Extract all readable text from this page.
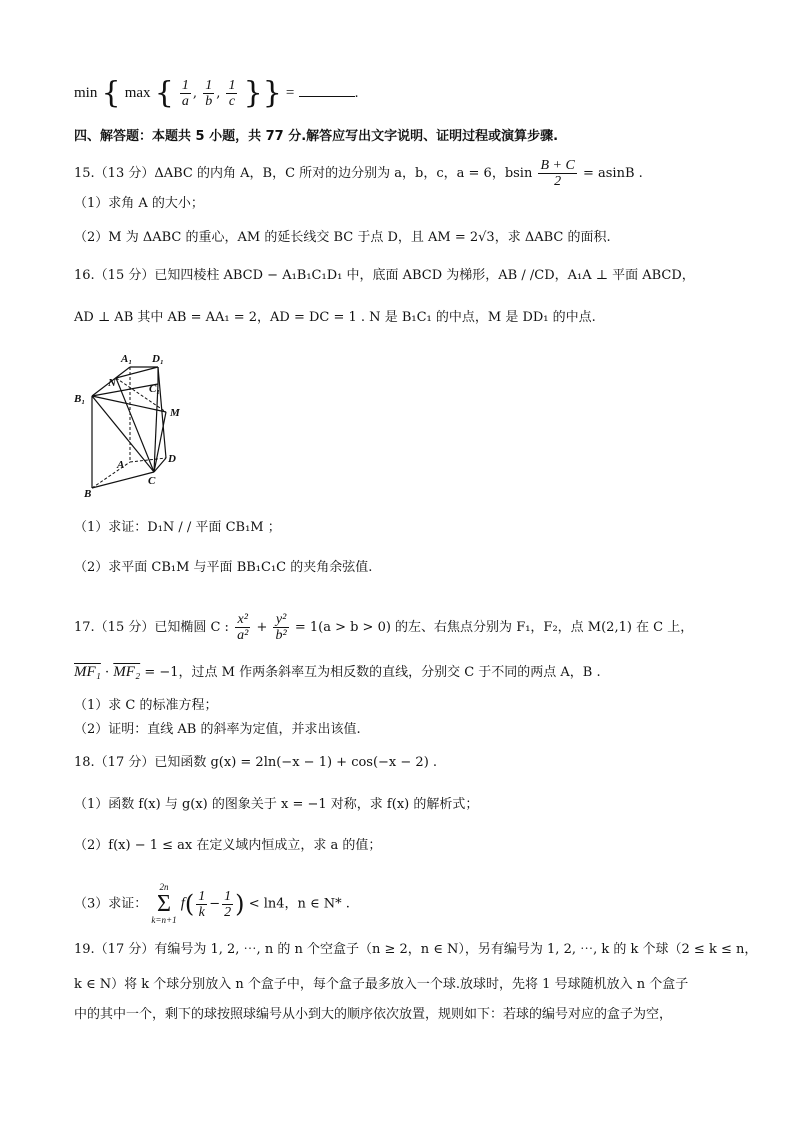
min { max { $\frac{1}{a}$ , $\frac{1}{b}$ , $\frac{1}{c}$ }} =	.
四、解答题：本题共 5 小题，共 77 分.解答应写出文字说明、证明过程或演算步骤.
15.（13 分）ΔABC 的内角 A，B，C 所对的边分别为 a，b，c，a = 6，bsin $\frac{B + C}{2} = asinB$ .
（1）求角 A 的大小；
（2）M 为 ΔABC 的重心，AM 的延长线交 BC 于点 D，且 AM = 2√3，求 ΔABC 的面积.
16.（15 分）已知四棱柱 ABCD − A₁B₁C₁D₁ 中，底面 ABCD 为梯形，AB / /CD，A₁A ⊥ 平面 ABCD，
AD ⊥ AB 其中 AB = AA₁ = 2，AD = DC = 1 . N 是 B₁C₁ 的中点，M 是 DD₁ 的中点.
A₁ D₁
N	C₁
B₁
M
A	D
B
C
（1）求证：D₁N / / 平面 CB₁M ；
（2）求平面 CB₁M 与平面 BB₁C₁C 的夹角余弦值.
17.（15 分）已知椭圆 C : $\frac{\text{x²}}{\text{a²}} + \frac{\text{y²}}{\text{b²}} = 1(a > b > 0)$ 的左、右焦点分别为 F₁，F₂，点 M(2,1) 在 C 上，
MF₁ · MF₂ = −1，过点 M 作两条斜率互为相反数的直线，分别交 C 于不同的两点 A，B .
（1）求 C 的标准方程；
（2）证明：直线 AB 的斜率为定值，并求出该值.
18.（17 分）已知函数 g(x) = 2ln(−x − 1) + cos(−x − 2) .
（1）函数 f(x) 与 g(x) 的图象关于 x = −1 对称，求 f(x) 的解析式；
（2）f(x) − 1 ≤ ax 在定义域内恒成立，求 a 的值；
（3）求证：
2n
Σ
k=n+1
$f( \frac{1}{k} - \frac{1}{2}$ ) < ln4，n ∈ N* .
19.（17 分）有编号为 1, 2, ⋯, n 的 n 个空盒子（n ≥ 2，n ∈ N），另有编号为 1, 2, ⋯, k 的 k 个球（2 ≤ k ≤ n，
k ∈ N）将 k 个球分别放入 n 个盒子中，每个盒子最多放入一个球.放球时，先将 1 号球随机放入 n 个盒子
中的其中一个，剩下的球按照球编号从小到大的顺序依次放置，规则如下：若球的编号对应的盒子为空，
